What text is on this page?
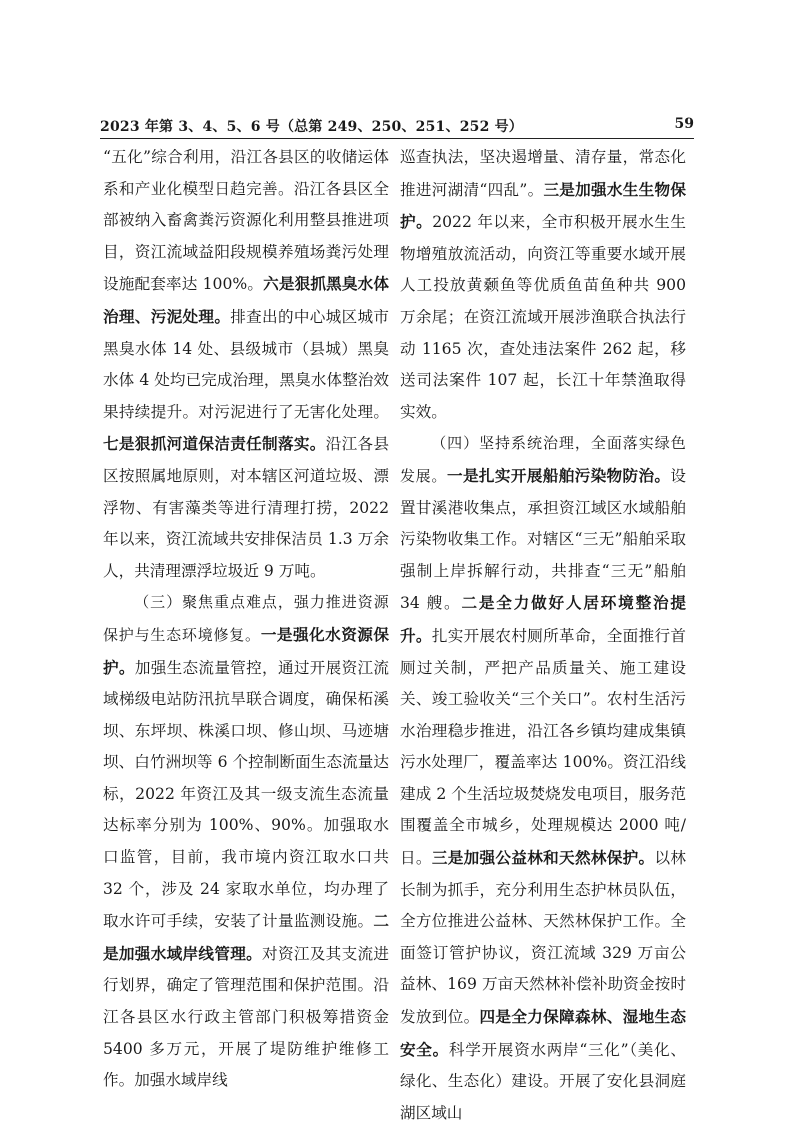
2023 年第 3、4、5、6 号（总第 249、250、251、252 号）	59

“五化”综合利用，沿江各县区的收储运体系和产业化模型日趋完善。沿江各县区全部被纳入畜禽粪污资源化利用整县推进项目，资江流域益阳段规模养殖场粪污处理设施配套率达 100%。六是狠抓黑臭水体治理、污泥处理。排查出的中心城区城市黑臭水体 14 处、县级城市（县城）黑臭水体 4 处均已完成治理，黑臭水体整治效果持续提升。对污泥进行了无害化处理。七是狠抓河道保洁责任制落实。沿江各县区按照属地原则，对本辖区河道垃圾、漂浮物、有害藻类等进行清理打捞，2022 年以来，资江流域共安排保洁员 1.3 万余人，共清理漂浮垃圾近 9 万吨。

（三）聚焦重点难点，强力推进资源保护与生态环境修复。一是强化水资源保护。加强生态流量管控，通过开展资江流域梯级电站防汛抗旱联合调度，确保柘溪坝、东坪坝、株溪口坝、修山坝、马迹塘坝、白竹洲坝等 6 个控制断面生态流量达标，2022 年资江及其一级支流生态流量达标率分别为 100%、90%。加强取水口监管，目前，我市境内资江取水口共 32 个，涉及 24 家取水单位，均办理了取水许可手续，安装了计量监测设施。二是加强水域岸线管理。对资江及其支流进行划界，确定了管理范围和保护范围。沿江各县区水行政主管部门积极筹措资金 5400 多万元，开展了堤防维护维修工作。加强水域岸线

巡查执法，坚决遏增量、清存量，常态化推进河湖清“四乱”。三是加强水生生物保护。2022 年以来，全市积极开展水生生物增殖放流活动，向资江等重要水域开展人工投放黄颡鱼等优质鱼苗鱼种共 900 万余尾；在资江流域开展涉渔联合执法行动 1165 次，查处违法案件 262 起，移送司法案件 107 起，长江十年禁渔取得实效。

（四）坚持系统治理，全面落实绿色发展。一是扎实开展船舶污染物防治。设置甘溪港收集点，承担资江域区水域船舶污染物收集工作。对辖区“三无”船舶采取强制上岸拆解行动，共排查“三无”船舶 34 艘。二是全力做好人居环境整治提升。扎实开展农村厕所革命，全面推行首厕过关制，严把产品质量关、施工建设关、竣工验收关“三个关口”。农村生活污水治理稳步推进，沿江各乡镇均建成集镇污水处理厂，覆盖率达 100%。资江沿线建成 2 个生活垃圾焚烧发电项目，服务范围覆盖全市城乡，处理规模达 2000 吨/日。三是加强公益林和天然林保护。以林长制为抓手，充分利用生态护林员队伍，全方位推进公益林、天然林保护工作。全面签订管护协议，资江流域 329 万亩公益林、169 万亩天然林补偿补助资金按时发放到位。四是全力保障森林、湿地生态安全。科学开展资水两岸“三化”（美化、绿化、生态化）建设。开展了安化县洞庭湖区域山
